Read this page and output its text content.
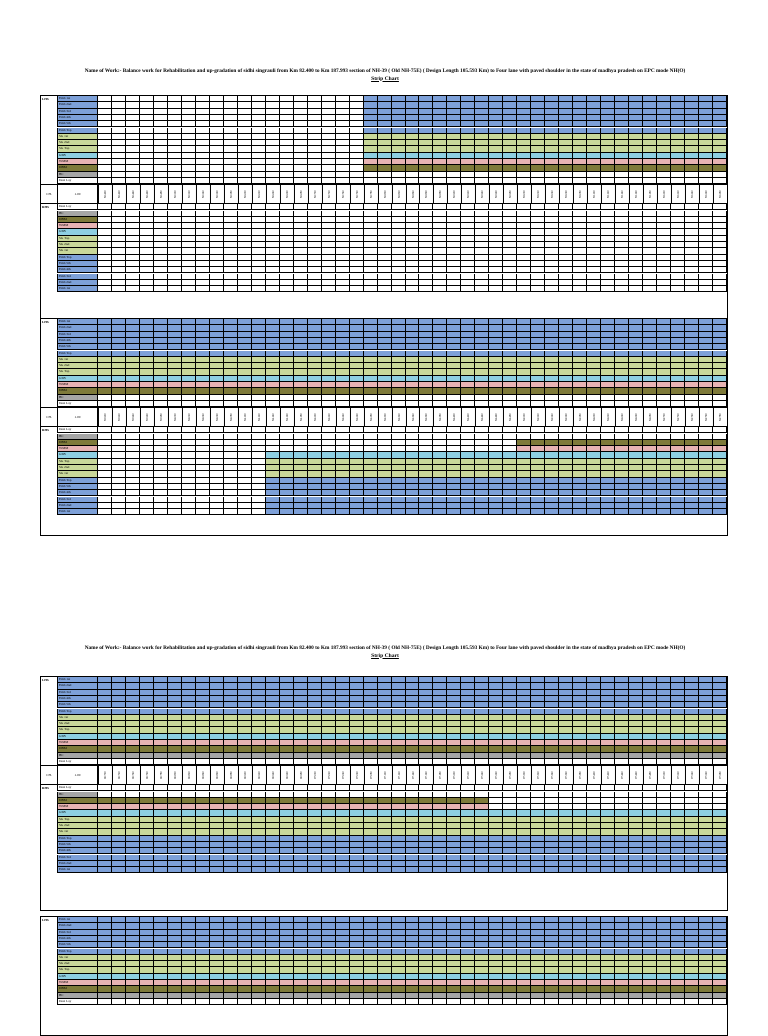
Name of Work:- Balance work for Rehabilitation and up-gradation of sidhi singrauli from Km 82.400 to Km 187.993 section of NH-39 ( Old NH-75E) ( Design Length 105.593 Km) to Four lane with paved shoulder in the state of madhya pradesh on EPC mode NH(O)
Strip Chart
LHS	Emb 1st
Emb 2nd
Emb 3rd
Emb 4th
Emb 5th
Emb Top
SG 1st
SG 2nd
SG Top
GSB
WMM
DBM
BC
Desi Lay
CH.	1.00	82.400	82.420	82.440	82.460	82.480	82.500	82.520	82.540	82.560	82.580	82.600	82.620	82.640	82.660	82.680	82.700	82.720	82.740	82.760	82.780	82.800	82.820	82.840	82.860	82.880	82.900	82.920	82.940	82.960	82.980	83.000	83.020	83.040	83.060	83.080	83.100	83.120	83.140	83.160	83.180	83.200	83.220	83.240	83.260	83.280
RHS	Desi Lay
BC
DBM
WMM
GSB
SG Top
SG 2nd
SG 1st
Emb Top
Emb 5th
Emb 4th
Emb 3rd
Emb 2nd
Emb 1st
LHS	Emb 1st
Emb 2nd
Emb 3rd
Emb 4th
Emb 5th
Emb Top
SG 1st
SG 2nd
SG Top
GSB
WMM
DBM
BC
Desi Lay
CH.	1.00	83.900	83.920	83.940	83.960	83.980	84.000	84.020	84.040	84.060	84.080	84.100	84.120	84.140	84.160	84.180	84.200	84.220	84.240	84.260	84.280	84.300	84.320	84.340	84.360	84.380	84.400	84.420	84.440	84.460	84.480	84.500	84.520	84.540	84.560	84.580	84.600	84.620	84.640	84.660	84.680	84.700	84.720	84.740	84.760	84.780
RHS	Desi Lay
BC
DBM
WMM
GSB
SG Top
SG 2nd
SG 1st
Emb Top
Emb 5th
Emb 4th
Emb 3rd
Emb 2nd
Emb 1st
Name of Work:- Balance work for Rehabilitation and up-gradation of sidhi singrauli from Km 82.400 to Km 187.993 section of NH-39 ( Old NH-75E) ( Design Length 105.593 Km) to Four lane with paved shoulder in the state of madhya pradesh on EPC mode NH(O)
Strip Chart
LHS	Emb 1st
Emb 2nd
Emb 3rd
Emb 4th
Emb 5th
Emb Top
SG 1st
SG 2nd
SG Top
GSB
WMM
DBM
BC
Desi Lay
CH.	1.00	96.700	96.720	96.740	96.760	96.780	96.800	96.820	96.840	96.860	96.880	96.900	96.920	96.940	96.960	96.980	97.000	97.020	97.040	97.060	97.080	97.100	97.120	97.140	97.160	97.180	97.200	97.220	97.240	97.260	97.280	97.300	97.320	97.340	97.360	97.380	97.400	97.420	97.440	97.460	97.480	97.500	97.520	97.540	97.560	97.580
RHS	Desi Lay
BC
DBM
WMM
GSB
SG Top
SG 2nd
SG 1st
Emb Top
Emb 5th
Emb 4th
Emb 3rd
Emb 2nd
Emb 1st
LHS	Emb 1st
Emb 2nd
Emb 3rd
Emb 4th
Emb 5th
Emb Top
SG 1st
SG 2nd
SG Top
GSB
WMM
DBM
BC
Desi Lay
